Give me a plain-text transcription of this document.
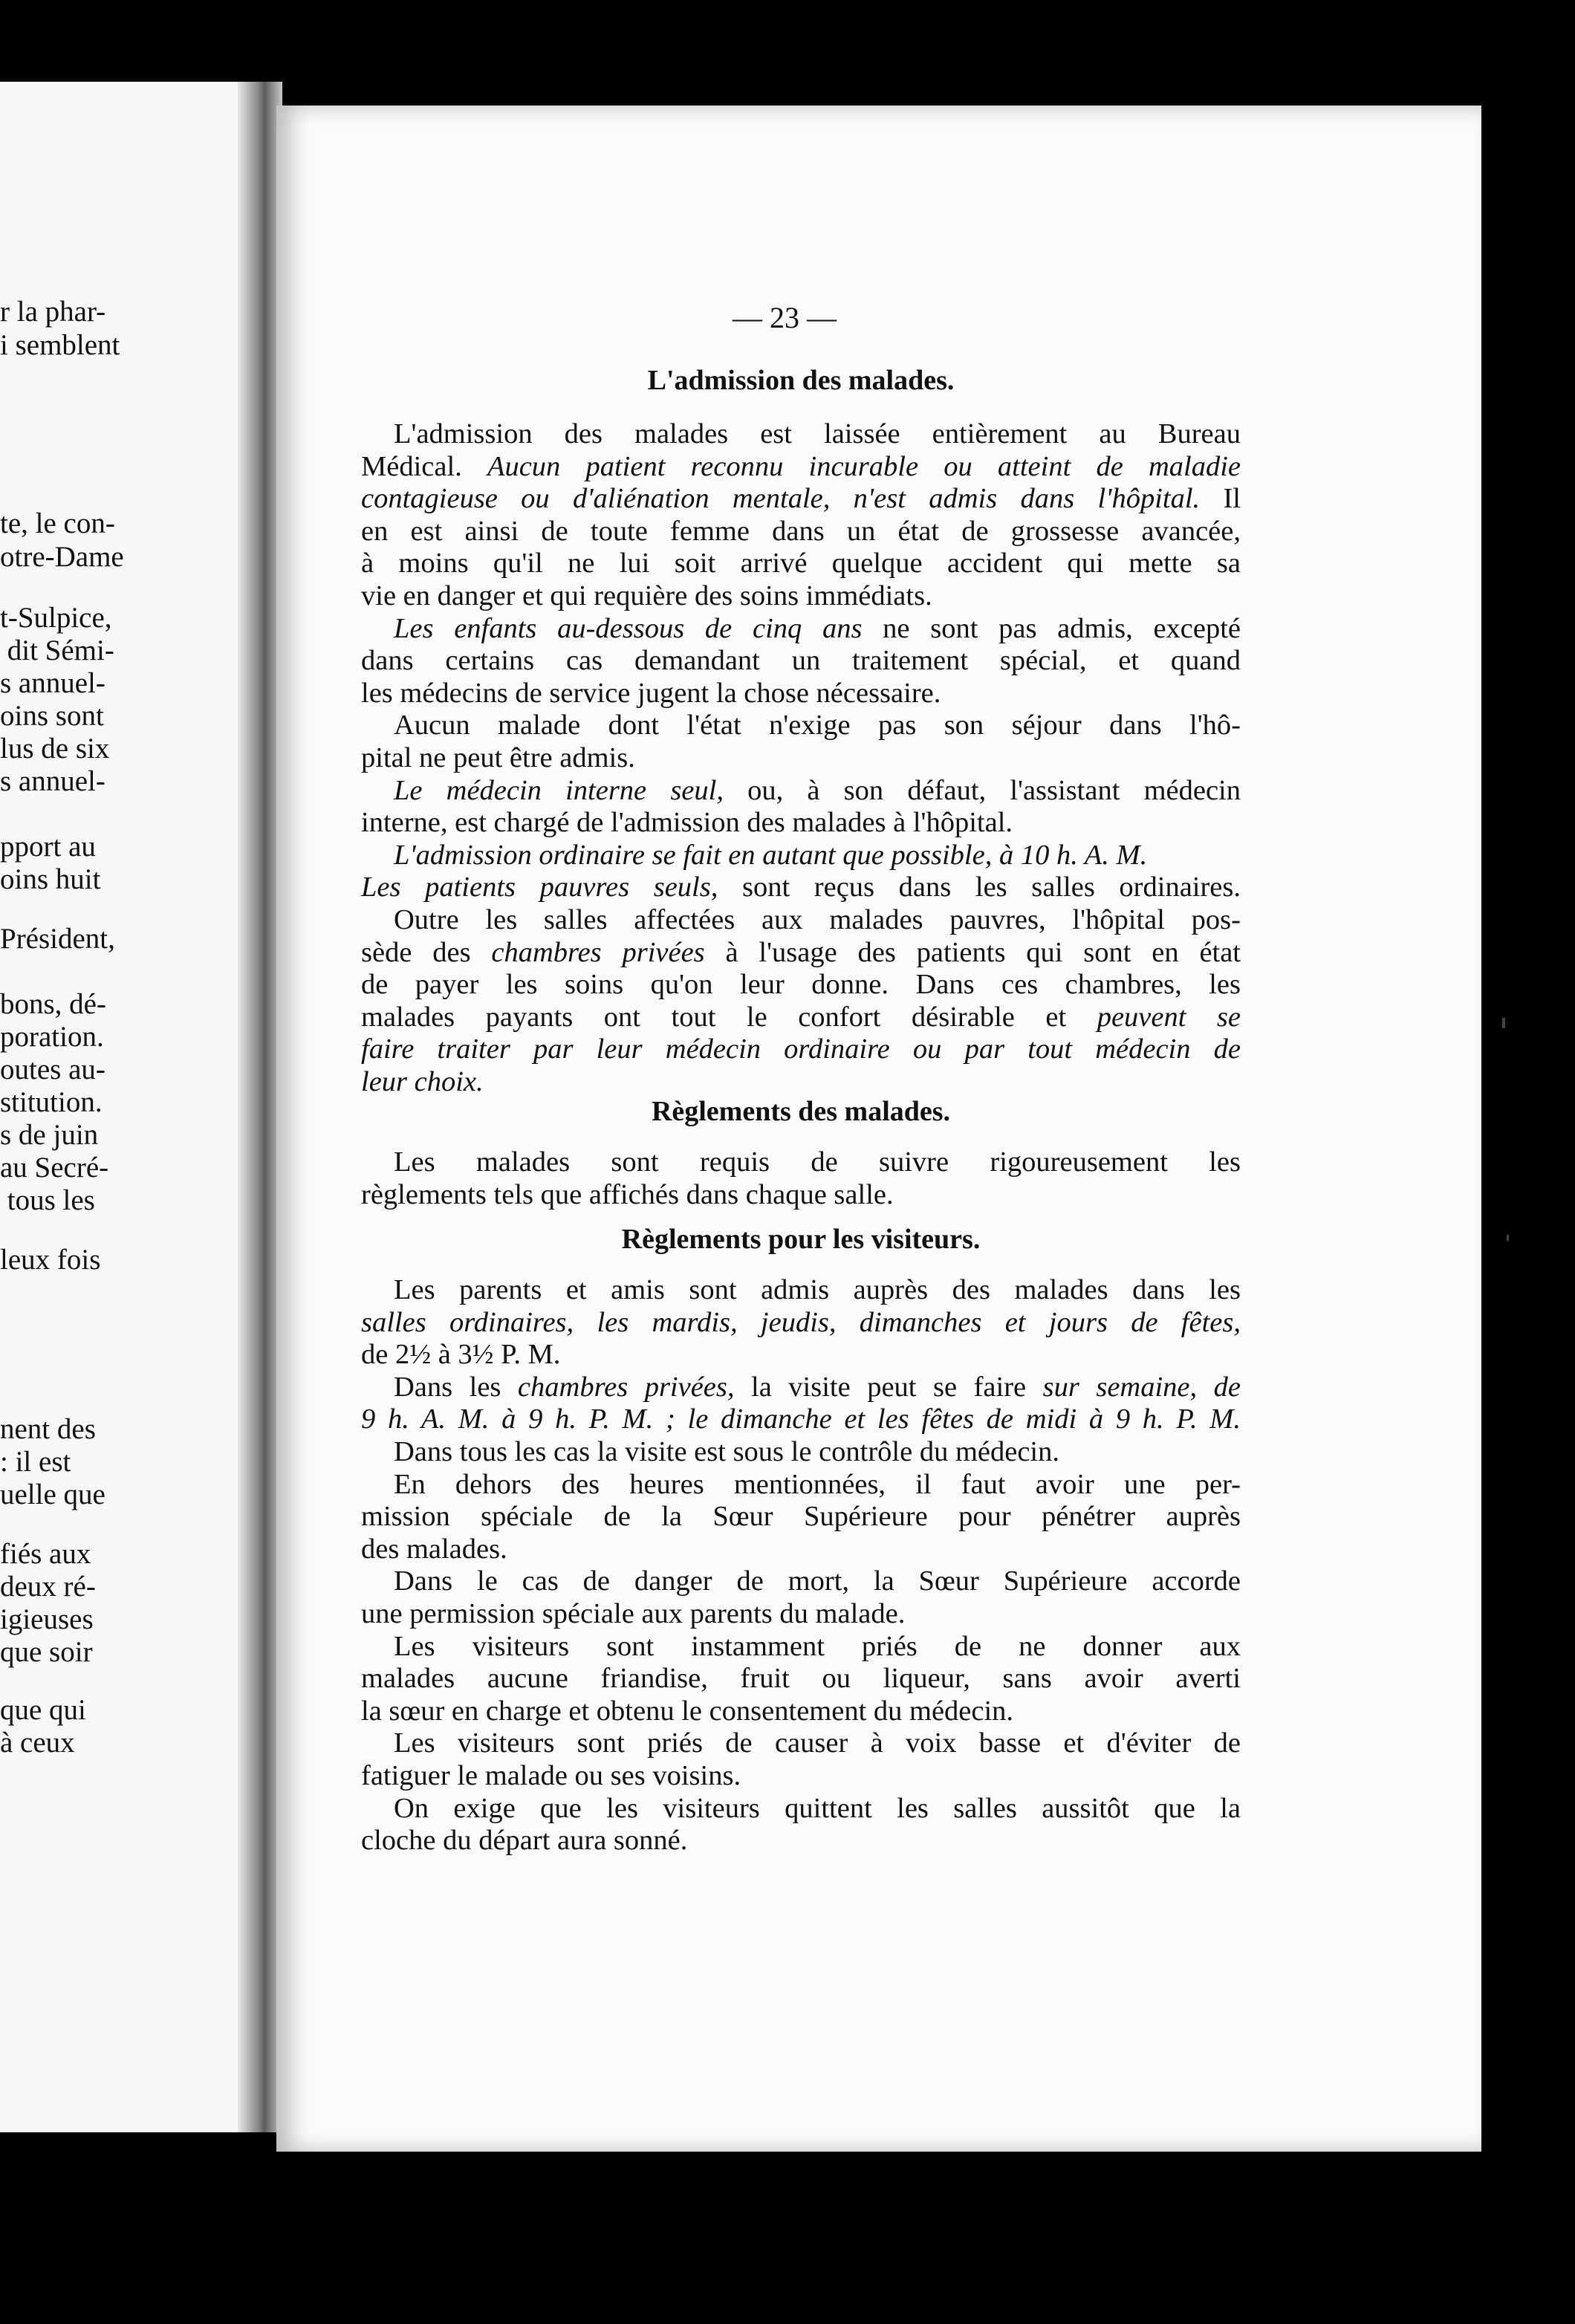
r la phar-
i semblent
te, le con-
otre-Dame
t-Sulpice,
dit Sémi-
s annuel-
oins sont
lus de six
s annuel-
pport au
oins huit
Président,
bons, dé-
poration.
outes au-
stitution.
s de juin
au Secré-
tous les
leux fois
nent des
: il est
uelle que
fiés aux
deux ré-
igieuses
que soir
que qui
à ceux
— 23 —
L'admission des malades.
L'admission des malades est laissée entièrement au Bureau
Médical. Aucun patient reconnu incurable ou atteint de maladie
contagieuse ou d'aliénation mentale, n'est admis dans l'hôpital. Il
en est ainsi de toute femme dans un état de grossesse avancée,
à moins qu'il ne lui soit arrivé quelque accident qui mette sa
vie en danger et qui requière des soins immédiats.
Les enfants au-dessous de cinq ans ne sont pas admis, excepté
dans certains cas demandant un traitement spécial, et quand
les médecins de service jugent la chose nécessaire.
Aucun malade dont l'état n'exige pas son séjour dans l'hô-
pital ne peut être admis.
Le médecin interne seul, ou, à son défaut, l'assistant médecin
interne, est chargé de l'admission des malades à l'hôpital.
L'admission ordinaire se fait en autant que possible, à 10 h. A. M.
Les patients pauvres seuls, sont reçus dans les salles ordinaires.
Outre les salles affectées aux malades pauvres, l'hôpital pos-
sède des chambres privées à l'usage des patients qui sont en état
de payer les soins qu'on leur donne. Dans ces chambres, les
malades payants ont tout le confort désirable et peuvent se
faire traiter par leur médecin ordinaire ou par tout médecin de
leur choix.
Règlements des malades.
Les malades sont requis de suivre rigoureusement les
règlements tels que affichés dans chaque salle.
Règlements pour les visiteurs.
Les parents et amis sont admis auprès des malades dans les
salles ordinaires, les mardis, jeudis, dimanches et jours de fêtes,
de 2½ à 3½ P. M.
Dans les chambres privées, la visite peut se faire sur semaine, de
9 h. A. M. à 9 h. P. M. ; le dimanche et les fêtes de midi à 9 h. P. M.
Dans tous les cas la visite est sous le contrôle du médecin.
En dehors des heures mentionnées, il faut avoir une per-
mission spéciale de la Sœur Supérieure pour pénétrer auprès
des malades.
Dans le cas de danger de mort, la Sœur Supérieure accorde
une permission spéciale aux parents du malade.
Les visiteurs sont instamment priés de ne donner aux
malades aucune friandise, fruit ou liqueur, sans avoir averti
la sœur en charge et obtenu le consentement du médecin.
Les visiteurs sont priés de causer à voix basse et d'éviter de
fatiguer le malade ou ses voisins.
On exige que les visiteurs quittent les salles aussitôt que la
cloche du départ aura sonné.
